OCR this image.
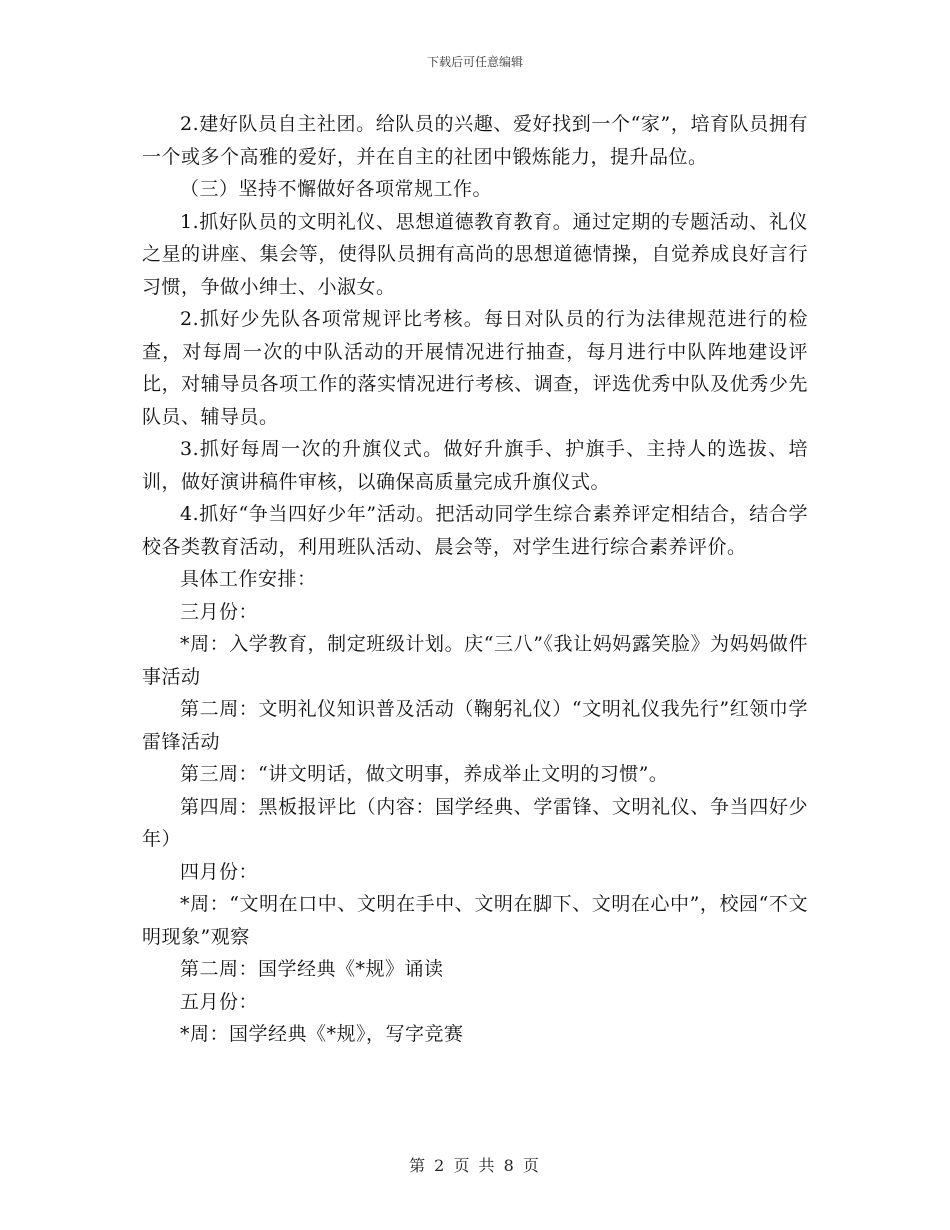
下载后可任意编辑

2.建好队员自主社团。给队员的兴趣、爱好找到一个“家”，培育队员拥有一个或多个高雅的爱好，并在自主的社团中锻炼能力，提升品位。

（三）坚持不懈做好各项常规工作。

1.抓好队员的文明礼仪、思想道德教育教育。通过定期的专题活动、礼仪之星的讲座、集会等，使得队员拥有高尚的思想道德情操，自觉养成良好言行习惯，争做小绅士、小淑女。

2.抓好少先队各项常规评比考核。每日对队员的行为法律规范进行的检查，对每周一次的中队活动的开展情况进行抽查，每月进行中队阵地建设评比，对辅导员各项工作的落实情况进行考核、调查，评选优秀中队及优秀少先队员、辅导员。

3.抓好每周一次的升旗仪式。做好升旗手、护旗手、主持人的选拔、培训，做好演讲稿件审核，以确保高质量完成升旗仪式。

4.抓好“争当四好少年”活动。把活动同学生综合素养评定相结合，结合学校各类教育活动，利用班队活动、晨会等，对学生进行综合素养评价。

具体工作安排：

三月份：

*周：入学教育，制定班级计划。庆“三八”《我让妈妈露笑脸》为妈妈做件事活动

第二周：文明礼仪知识普及活动（鞠躬礼仪）“文明礼仪我先行”红领巾学雷锋活动

第三周：“讲文明话，做文明事，养成举止文明的习惯”。

第四周：黑板报评比（内容：国学经典、学雷锋、文明礼仪、争当四好少年）

四月份：

*周：“文明在口中、文明在手中、文明在脚下、文明在心中”，校园“不文明现象”观察

第二周：国学经典《*规》诵读

五月份：

*周：国学经典《*规》，写字竞赛

第 2 页 共 8 页
